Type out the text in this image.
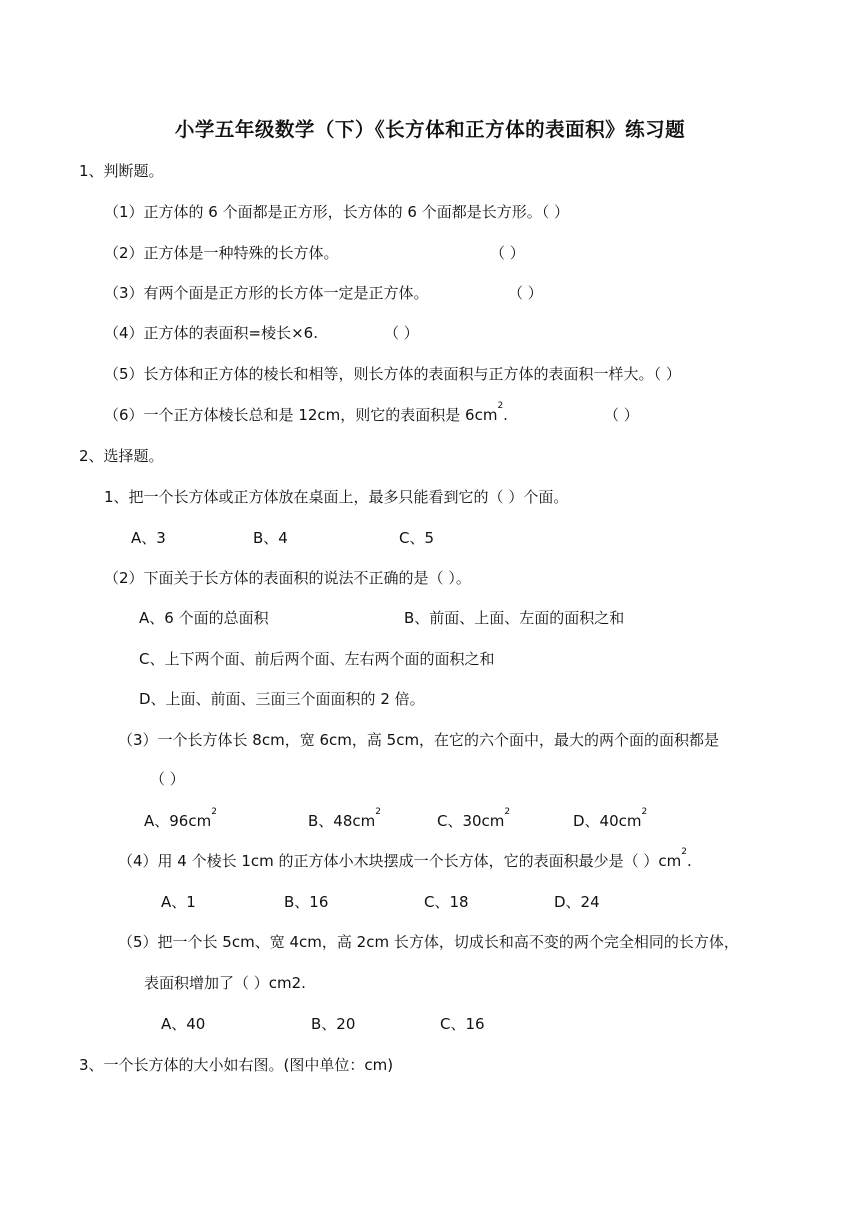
小学五年级数学（下）《长方体和正方体的表面积》练习题
1、判断题。
（1）正方体的 6 个面都是正方形，长方体的 6 个面都是长方形。（ ）
（2）正方体是一种特殊的长方体。	（ ）
（3）有两个面是正方形的长方体一定是正方体。	（ ）
（4）正方体的表面积=棱长×6.	（ ）
（5）长方体和正方体的棱长和相等，则长方体的表面积与正方体的表面积一样大。（ ）
（6）一个正方体棱长总和是 12cm，则它的表面积是 $6cm^2$.	（ ）
2、选择题。
1、把一个长方体或正方体放在桌面上，最多只能看到它的（ ）个面。
A、3	B、4	C、5
（2）下面关于长方体的表面积的说法不正确的是（ ）。
A、6 个面的总面积	B、前面、上面、左面的面积之和
C、上下两个面、前后两个面、左右两个面的面积之和
D、上面、前面、三面三个面面积的 2 倍。
（3）一个长方体长 8cm，宽 6cm，高 5cm，在它的六个面中，最大的两个面的面积都是
（ ）
A、$96cm^2$	B、$48cm^2$	C、$30cm^2$	D、$40cm^2$
（4）用 4 个棱长 1cm 的正方体小木块摆成一个长方体，它的表面积最少是（ ）$cm^2$.
A、1	B、16	C、18	D、24
（5）把一个长 5cm、宽 4cm，高 2cm 长方体，切成长和高不变的两个完全相同的长方体，
表面积增加了（ ）cm2.
A、40	B、20	C、16
3、一个长方体的大小如右图。(图中单位：cm)
